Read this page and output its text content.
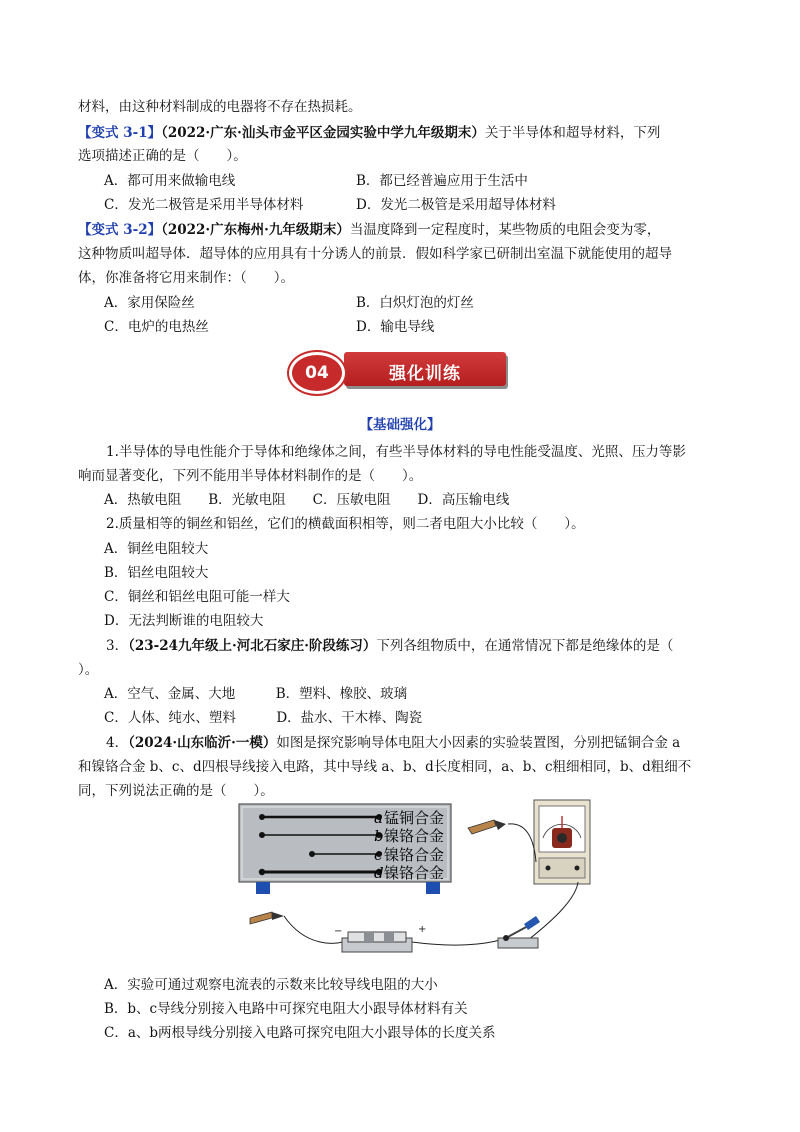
材料，由这种材料制成的电器将不存在热损耗。
【变式 3-1】（2022·广东·汕头市金平区金园实验中学九年级期末）关于半导体和超导材料，下列
选项描述正确的是（　　）。
A．都可用来做输电线	B．都已经普遍应用于生活中
C．发光二极管是采用半导体材料	D．发光二极管是采用超导体材料
【变式 3-2】（2022·广东梅州·九年级期末）当温度降到一定程度时，某些物质的电阻会变为零，
这种物质叫超导体．超导体的应用具有十分诱人的前景．假如科学家已研制出室温下就能使用的超导
体，你准备将它用来制作：（　　）。
A．家用保险丝	B．白炽灯泡的灯丝
C．电炉的电热丝	D．输电导线
强化训练
04
【基础强化】
1.半导体的导电性能介于导体和绝缘体之间，有些半导体材料的导电性能受温度、光照、压力等影
响而显著变化，下列不能用半导体材料制作的是（　　）。
A．热敏电阻　　B．光敏电阻　　C．压敏电阻　　D．高压输电线
2.质量相等的铜丝和铝丝，它们的横截面积相等，则二者电阻大小比较（　　）。
A．铜丝电阻较大
B．铝丝电阻较大
C．铜丝和铝丝电阻可能一样大
D．无法判断谁的电阻较大
3．（23-24九年级上·河北石家庄·阶段练习）下列各组物质中，在通常情况下都是绝缘体的是（
）。
A．空气、金属、大地　　　B．塑料、橡胶、玻璃
C．人体、纯水、塑料　　　D．盐水、干木棒、陶瓷
4．（2024·山东临沂·一模）如图是探究影响导体电阻大小因素的实验装置图，分别把锰铜合金 a
和镍铬合金 b、c、d四根导线接入电路，其中导线 a、b、d长度相同，a、b、c粗细相同，b、d粗细不
同，下列说法正确的是（　　）。
a 锰铜合金
b 镍铬合金
c 镍铬合金
d 镍铬合金
−	+
A．实验可通过观察电流表的示数来比较导线电阻的大小
B．b、c导线分别接入电路中可探究电阻大小跟导体材料有关
C．a、b两根导线分别接入电路可探究电阻大小跟导体的长度关系
